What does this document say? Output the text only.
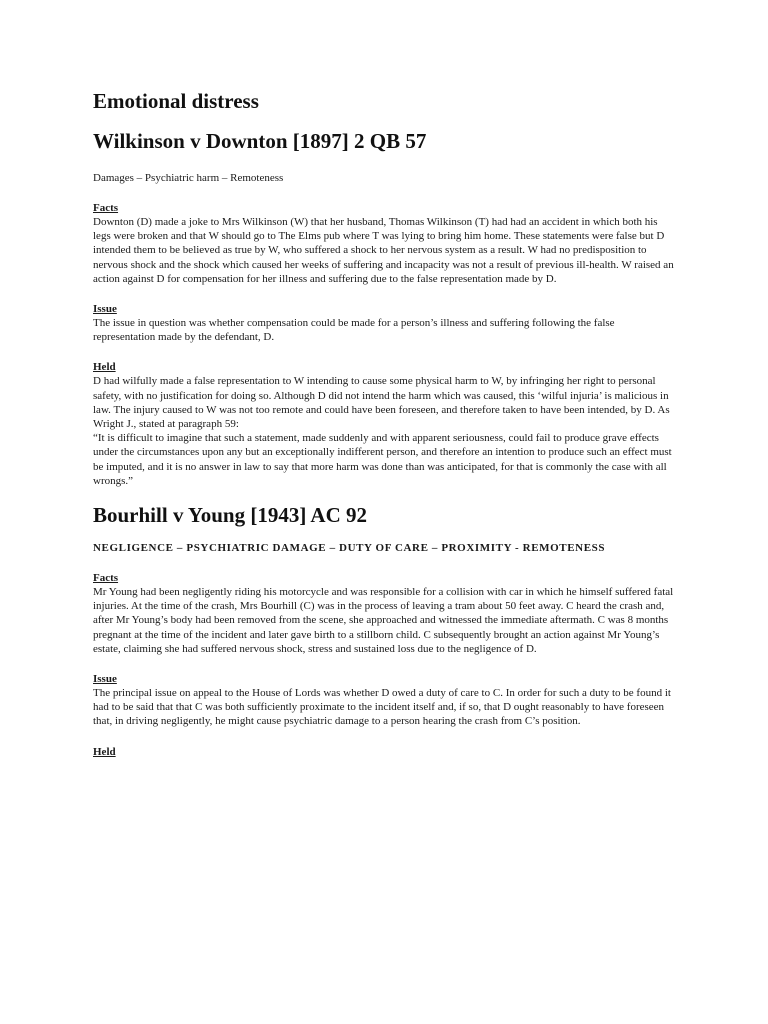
Emotional distress
Wilkinson v Downton [1897] 2 QB 57

Damages – Psychiatric harm – Remoteness

Facts

Downton (D) made a joke to Mrs Wilkinson (W) that her husband, Thomas Wilkinson (T) had had an accident in which both his legs were broken and that W should go to The Elms pub where T was lying to bring him home. These statements were false but D intended them to be believed as true by W, who suffered a shock to her nervous system as a result. W had no predisposition to nervous shock and the shock which caused her weeks of suffering and incapacity was not a result of previous ill-health. W raised an action against D for compensation for her illness and suffering due to the false representation made by D.

Issue

The issue in question was whether compensation could be made for a person’s illness and suffering following the false representation made by the defendant, D.

Held

D had wilfully made a false representation to W intending to cause some physical harm to W, by infringing her right to personal safety, with no justification for doing so. Although D did not intend the harm which was caused, this ‘wilful injuria’ is malicious in law. The injury caused to W was not too remote and could have been foreseen, and therefore taken to have been intended, by D. As Wright J., stated at paragraph 59:

“It is difficult to imagine that such a statement, made suddenly and with apparent seriousness, could fail to produce grave effects under the circumstances upon any but an exceptionally indifferent person, and therefore an intention to produce such an effect must be imputed, and it is no answer in law to say that more harm was done than was anticipated, for that is commonly the case with all wrongs.”

Bourhill v Young [1943] AC 92

NEGLIGENCE – PSYCHIATRIC DAMAGE – DUTY OF CARE – PROXIMITY - REMOTENESS

Facts

Mr Young had been negligently riding his motorcycle and was responsible for a collision with car in which he himself suffered fatal injuries. At the time of the crash, Mrs Bourhill (C) was in the process of leaving a tram about 50 feet away. C heard the crash and, after Mr Young’s body had been removed from the scene, she approached and witnessed the immediate aftermath. C was 8 months pregnant at the time of the incident and later gave birth to a stillborn child. C subsequently brought an action against Mr Young’s estate, claiming she had suffered nervous shock, stress and sustained loss due to the negligence of D.

Issue

The principal issue on appeal to the House of Lords was whether D owed a duty of care to C. In order for such a duty to be found it had to be said that that C was both sufficiently proximate to the incident itself and, if so, that D ought reasonably to have foreseen that, in driving negligently, he might cause psychiatric damage to a person hearing the crash from C’s position.

Held
